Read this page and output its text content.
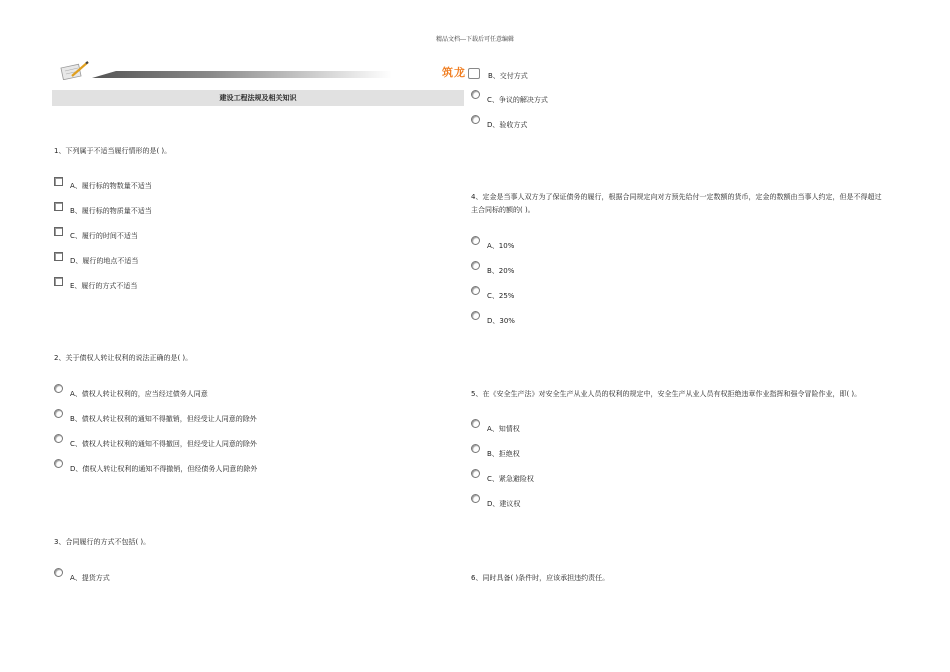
精品文档---下载后可任意编辑
筑龙
建设工程法规及相关知识
1、下列属于不适当履行情形的是( )。
A、履行标的物数量不适当
B、履行标的物质量不适当
C、履行的时间不适当
D、履行的地点不适当
E、履行的方式不适当
2、关于债权人转让权利的说法正确的是( )。
A、债权人转让权利的，应当经过债务人同意
B、债权人转让权利的通知不得撤销，但经受让人同意的除外
C、债权人转让权利的通知不得撤回，但经受让人同意的除外
D、债权人转让权利的通知不得撤销，但经债务人同意的除外
3、合同履行的方式不包括( )。
A、提货方式
B、交付方式
C、争议的解决方式
D、验收方式
4、定金是当事人双方为了保证债务的履行，根据合同规定向对方预先给付一定数额的货币，定金的数额由当事人约定，但是不得超过
主合同标的额的( )。
A、10%
B、20%
C、25%
D、30%
5、在《安全生产法》对安全生产从业人员的权利的规定中，安全生产从业人员有权拒绝违章作业指挥和强令冒险作业，即( )。
A、知情权
B、拒绝权
C、紧急避险权
D、建议权
6、同时具备( )条件时，应该承担违约责任。
